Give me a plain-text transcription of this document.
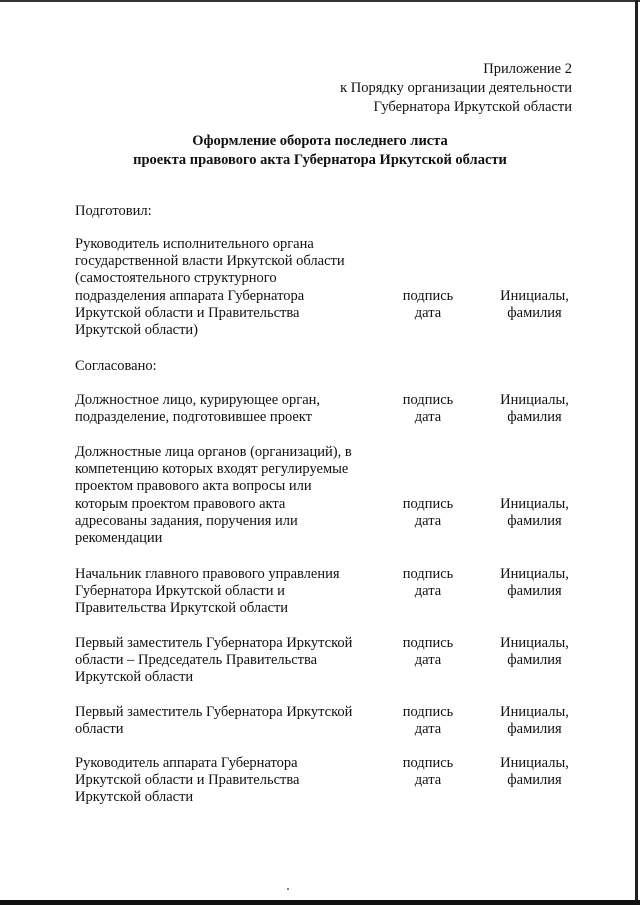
Приложение 2
к Порядку организации деятельности
Губернатора Иркутской области
Оформление оборота последнего листа
проекта правового акта Губернатора Иркутской области
Подготовил:
Руководитель исполнительного органа
государственной власти Иркутской области
(самостоятельного структурного
подразделения аппарата Губернатора
Иркутской области и Правительства
Иркутской области)
подпись
дата
Инициалы,
фамилия
Согласовано:
Должностное лицо, курирующее орган,
подразделение, подготовившее проект
подпись
дата
Инициалы,
фамилия
Должностные лица органов (организаций), в
компетенцию которых входят регулируемые
проектом правового акта вопросы или
которым проектом правового акта
адресованы задания, поручения или
рекомендации
подпись
дата
Инициалы,
фамилия
Начальник главного правового управления
Губернатора Иркутской области и
Правительства Иркутской области
подпись
дата
Инициалы,
фамилия
Первый заместитель Губернатора Иркутской
области – Председатель Правительства
Иркутской области
подпись
дата
Инициалы,
фамилия
Первый заместитель Губернатора Иркутской
области
подпись
дата
Инициалы,
фамилия
Руководитель аппарата Губернатора
Иркутской области и Правительства
Иркутской области
подпись
дата
Инициалы,
фамилия
